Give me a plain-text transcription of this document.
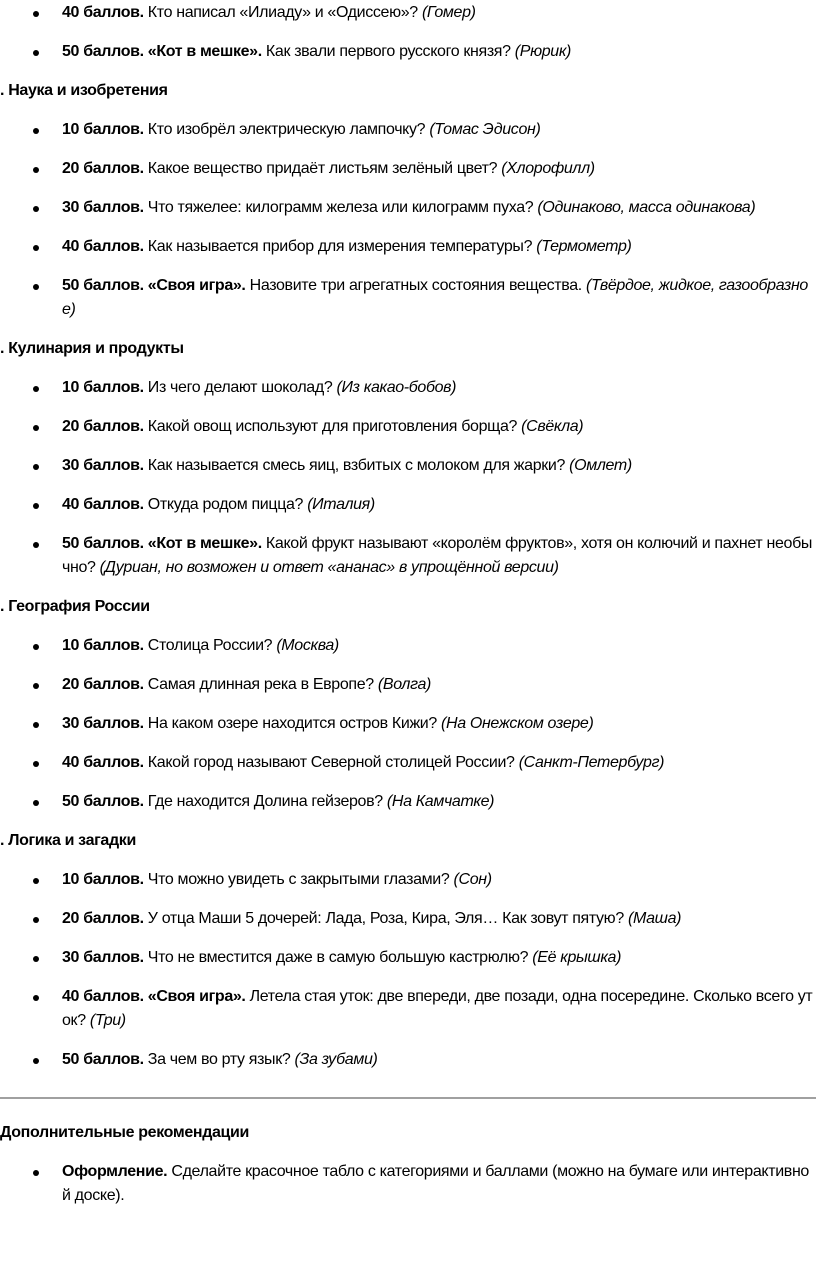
40 баллов. Кто написал «Илиаду» и «Одиссею»? (Гомер)
50 баллов. «Кот в мешке». Как звали первого русского князя? (Рюрик)
. Наука и изобретения
10 баллов. Кто изобрёл электрическую лампочку? (Томас Эдисон)
20 баллов. Какое вещество придаёт листьям зелёный цвет? (Хлорофилл)
30 баллов. Что тяжелее: килограмм железа или килограмм пуха? (Одинаково, масса одинакова)
40 баллов. Как называется прибор для измерения температуры? (Термометр)
50 баллов. «Своя игра». Назовите три агрегатных состояния вещества. (Твёрдое, жидкое, газообразное)
. Кулинария и продукты
10 баллов. Из чего делают шоколад? (Из какао-бобов)
20 баллов. Какой овощ используют для приготовления борща? (Свёкла)
30 баллов. Как называется смесь яиц, взбитых с молоком для жарки? (Омлет)
40 баллов. Откуда родом пицца? (Италия)
50 баллов. «Кот в мешке». Какой фрукт называют «королём фруктов», хотя он колючий и пахнет необычно? (Дуриан, но возможен и ответ «ананас» в упрощённой версии)
. География России
10 баллов. Столица России? (Москва)
20 баллов. Самая длинная река в Европе? (Волга)
30 баллов. На каком озере находится остров Кижи? (На Онежском озере)
40 баллов. Какой город называют Северной столицей России? (Санкт-Петербург)
50 баллов. Где находится Долина гейзеров? (На Камчатке)
. Логика и загадки
10 баллов. Что можно увидеть с закрытыми глазами? (Сон)
20 баллов. У отца Маши 5 дочерей: Лада, Роза, Кира, Эля… Как зовут пятую? (Маша)
30 баллов. Что не вместится даже в самую большую кастрюлю? (Её крышка)
40 баллов. «Своя игра». Летела стая уток: две впереди, две позади, одна посередине. Сколько всего уток? (Три)
50 баллов. За чем во рту язык? (За зубами)
Дополнительные рекомендации
Оформление. Сделайте красочное табло с категориями и баллами (можно на бумаге или интерактивной доске).
